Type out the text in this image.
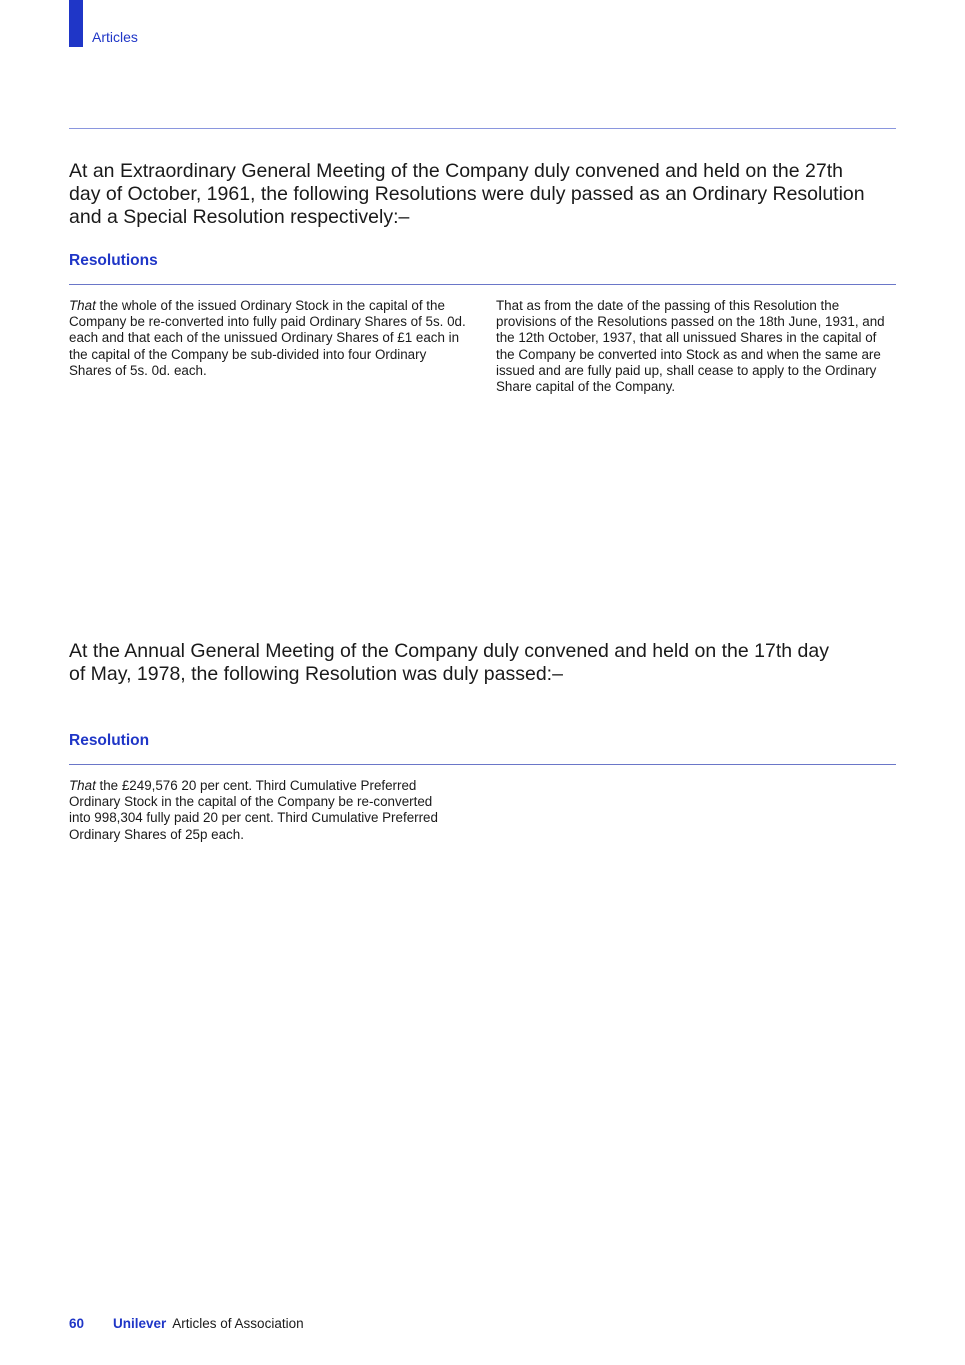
Articles
At an Extraordinary General Meeting of the Company duly convened and held on the 27th day of October, 1961, the following Resolutions were duly passed as an Ordinary Resolution and a Special Resolution respectively:–
Resolutions
That the whole of the issued Ordinary Stock in the capital of the Company be re-converted into fully paid Ordinary Shares of 5s. 0d. each and that each of the unissued Ordinary Shares of £1 each in the capital of the Company be sub-divided into four Ordinary Shares of 5s. 0d. each.
That as from the date of the passing of this Resolution the provisions of the Resolutions passed on the 18th June, 1931, and the 12th October, 1937, that all unissued Shares in the capital of the Company be converted into Stock as and when the same are issued and are fully paid up, shall cease to apply to the Ordinary Share capital of the Company.
At the Annual General Meeting of the Company duly convened and held on the 17th day of May, 1978, the following Resolution was duly passed:–
Resolution
That the £249,576 20 per cent. Third Cumulative Preferred Ordinary Stock in the capital of the Company be re-converted into 998,304 fully paid 20 per cent. Third Cumulative Preferred Ordinary Shares of 25p each.
60 Unilever Articles of Association
